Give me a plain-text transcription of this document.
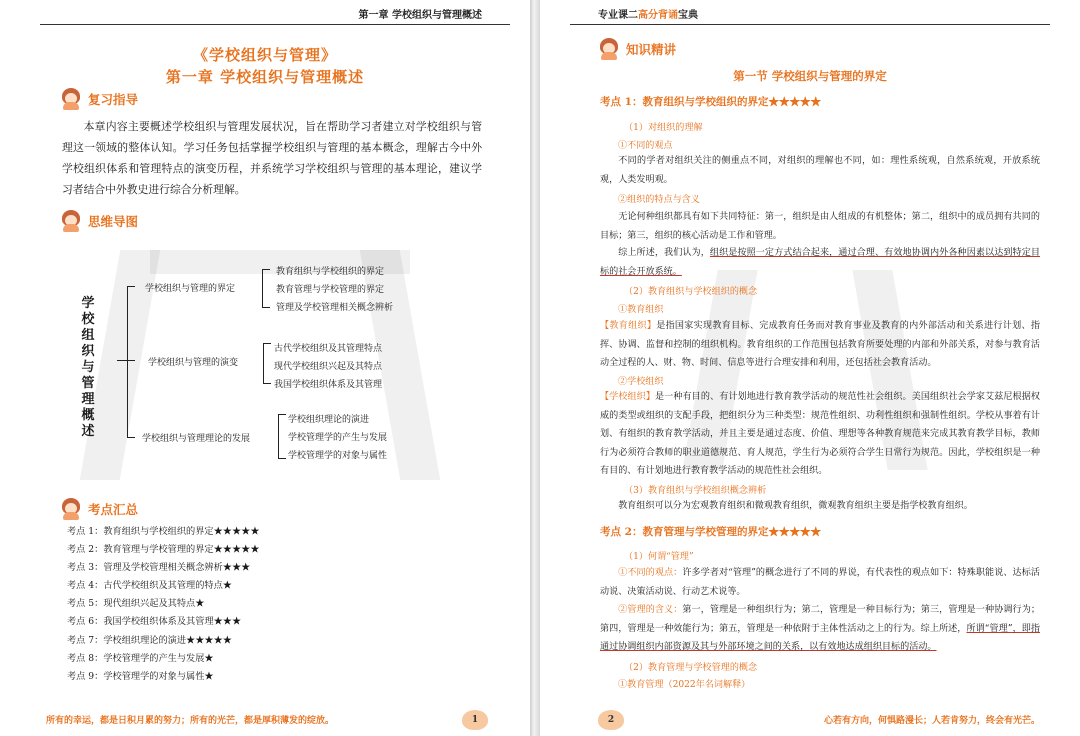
第一章 学校组织与管理概述
《学校组织与管理》
第一章 学校组织与管理概述
复习指导
本章内容主要概述学校组织与管理发展状况，旨在帮助学习者建立对学校组织与管理这一领域的整体认知。学习任务包括掌握学校组织与管理的基本概念，理解古今中外学校组织体系和管理特点的演变历程，并系统学习学校组织与管理的基本理论，建议学习者结合中外教史进行综合分析理解。
思维导图
学校组织与管理概述
学校组织与管理的界定
学校组织与管理的演变
学校组织与管理理论的发展
教育组织与学校组织的界定
教育管理与学校管理的界定
管理及学校管理相关概念辨析
古代学校组织及其管理特点
现代学校组织兴起及其特点
我国学校组织体系及其管理
学校组织理论的演进
学校管理学的产生与发展
学校管理学的对象与属性
考点汇总
考点 1：教育组织与学校组织的界定★★★★★
考点 2：教育管理与学校管理的界定★★★★★
考点 3：管理及学校管理相关概念辨析★★★
考点 4：古代学校组织及其管理的特点★
考点 5：现代组织兴起及其特点★
考点 6：我国学校组织体系及其管理★★★
考点 7：学校组织理论的演进★★★★★
考点 8：学校管理学的产生与发展★
考点 9：学校管理学的对象与属性★
所有的幸运，都是日积月累的努力；所有的光芒，都是厚积薄发的绽放。	1
专业课二高分背诵宝典
知识精讲
第一节 学校组织与管理的界定
考点 1：教育组织与学校组织的界定★★★★★
（1）对组织的理解
①不同的观点
不同的学者对组织关注的侧重点不同，对组织的理解也不同，如：理性系统观，自然系统观，开放系统观，人类发明观。
②组织的特点与含义
无论何种组织都具有如下共同特征：第一，组织是由人组成的有机整体；第二，组织中的成员拥有共同的目标；第三，组织的核心活动是工作和管理。
综上所述，我们认为，组织是按照一定方式结合起来，通过合理、有效地协调内外各种因素以达到特定目标的社会开放系统。
（2）教育组织与学校组织的概念
①教育组织
【教育组织】是指国家实现教育目标、完成教育任务而对教育事业及教育的内外部活动和关系进行计划、指挥、协调、监督和控制的组织机构。教育组织的工作范围包括教育所要处理的内部和外部关系，对参与教育活动全过程的人、财、物、时间、信息等进行合理安排和利用，还包括社会教育活动。
②学校组织
【学校组织】是一种有目的、有计划地进行教育教学活动的规范性社会组织。美国组织社会学家艾兹尼根据权威的类型或组织的支配手段，把组织分为三种类型：规范性组织、功利性组织和强制性组织。学校从事着有计划、有组织的教育教学活动，并且主要是通过态度、价值、理想等各种教育规范来完成其教育教学目标，教师行为必须符合教师的职业道德规范、育人规范，学生行为必须符合学生日常行为规范。因此，学校组织是一种有目的、有计划地进行教育教学活动的规范性社会组织。
（3）教育组织与学校组织概念辨析
教育组织可以分为宏观教育组织和微观教育组织，微观教育组织主要是指学校教育组织。
考点 2：教育管理与学校管理的界定★★★★★
（1）何谓“管理”
①不同的观点：许多学者对“管理”的概念进行了不同的界说，有代表性的观点如下：特殊职能说、达标活动说、决策活动说、行动艺术说等。
②管理的含义：第一，管理是一种组织行为；第二，管理是一种目标行为；第三，管理是一种协调行为；第四，管理是一种效能行为；第五，管理是一种依附于主体性活动之上的行为。综上所述，所谓“管理”，即指通过协调组织内部资源及其与外部环境之间的关系，以有效地达成组织目标的活动。
（2）教育管理与学校管理的概念
①教育管理（2022年名词解释）
2	心若有方向，何惧路漫长；人若肯努力，终会有光芒。
